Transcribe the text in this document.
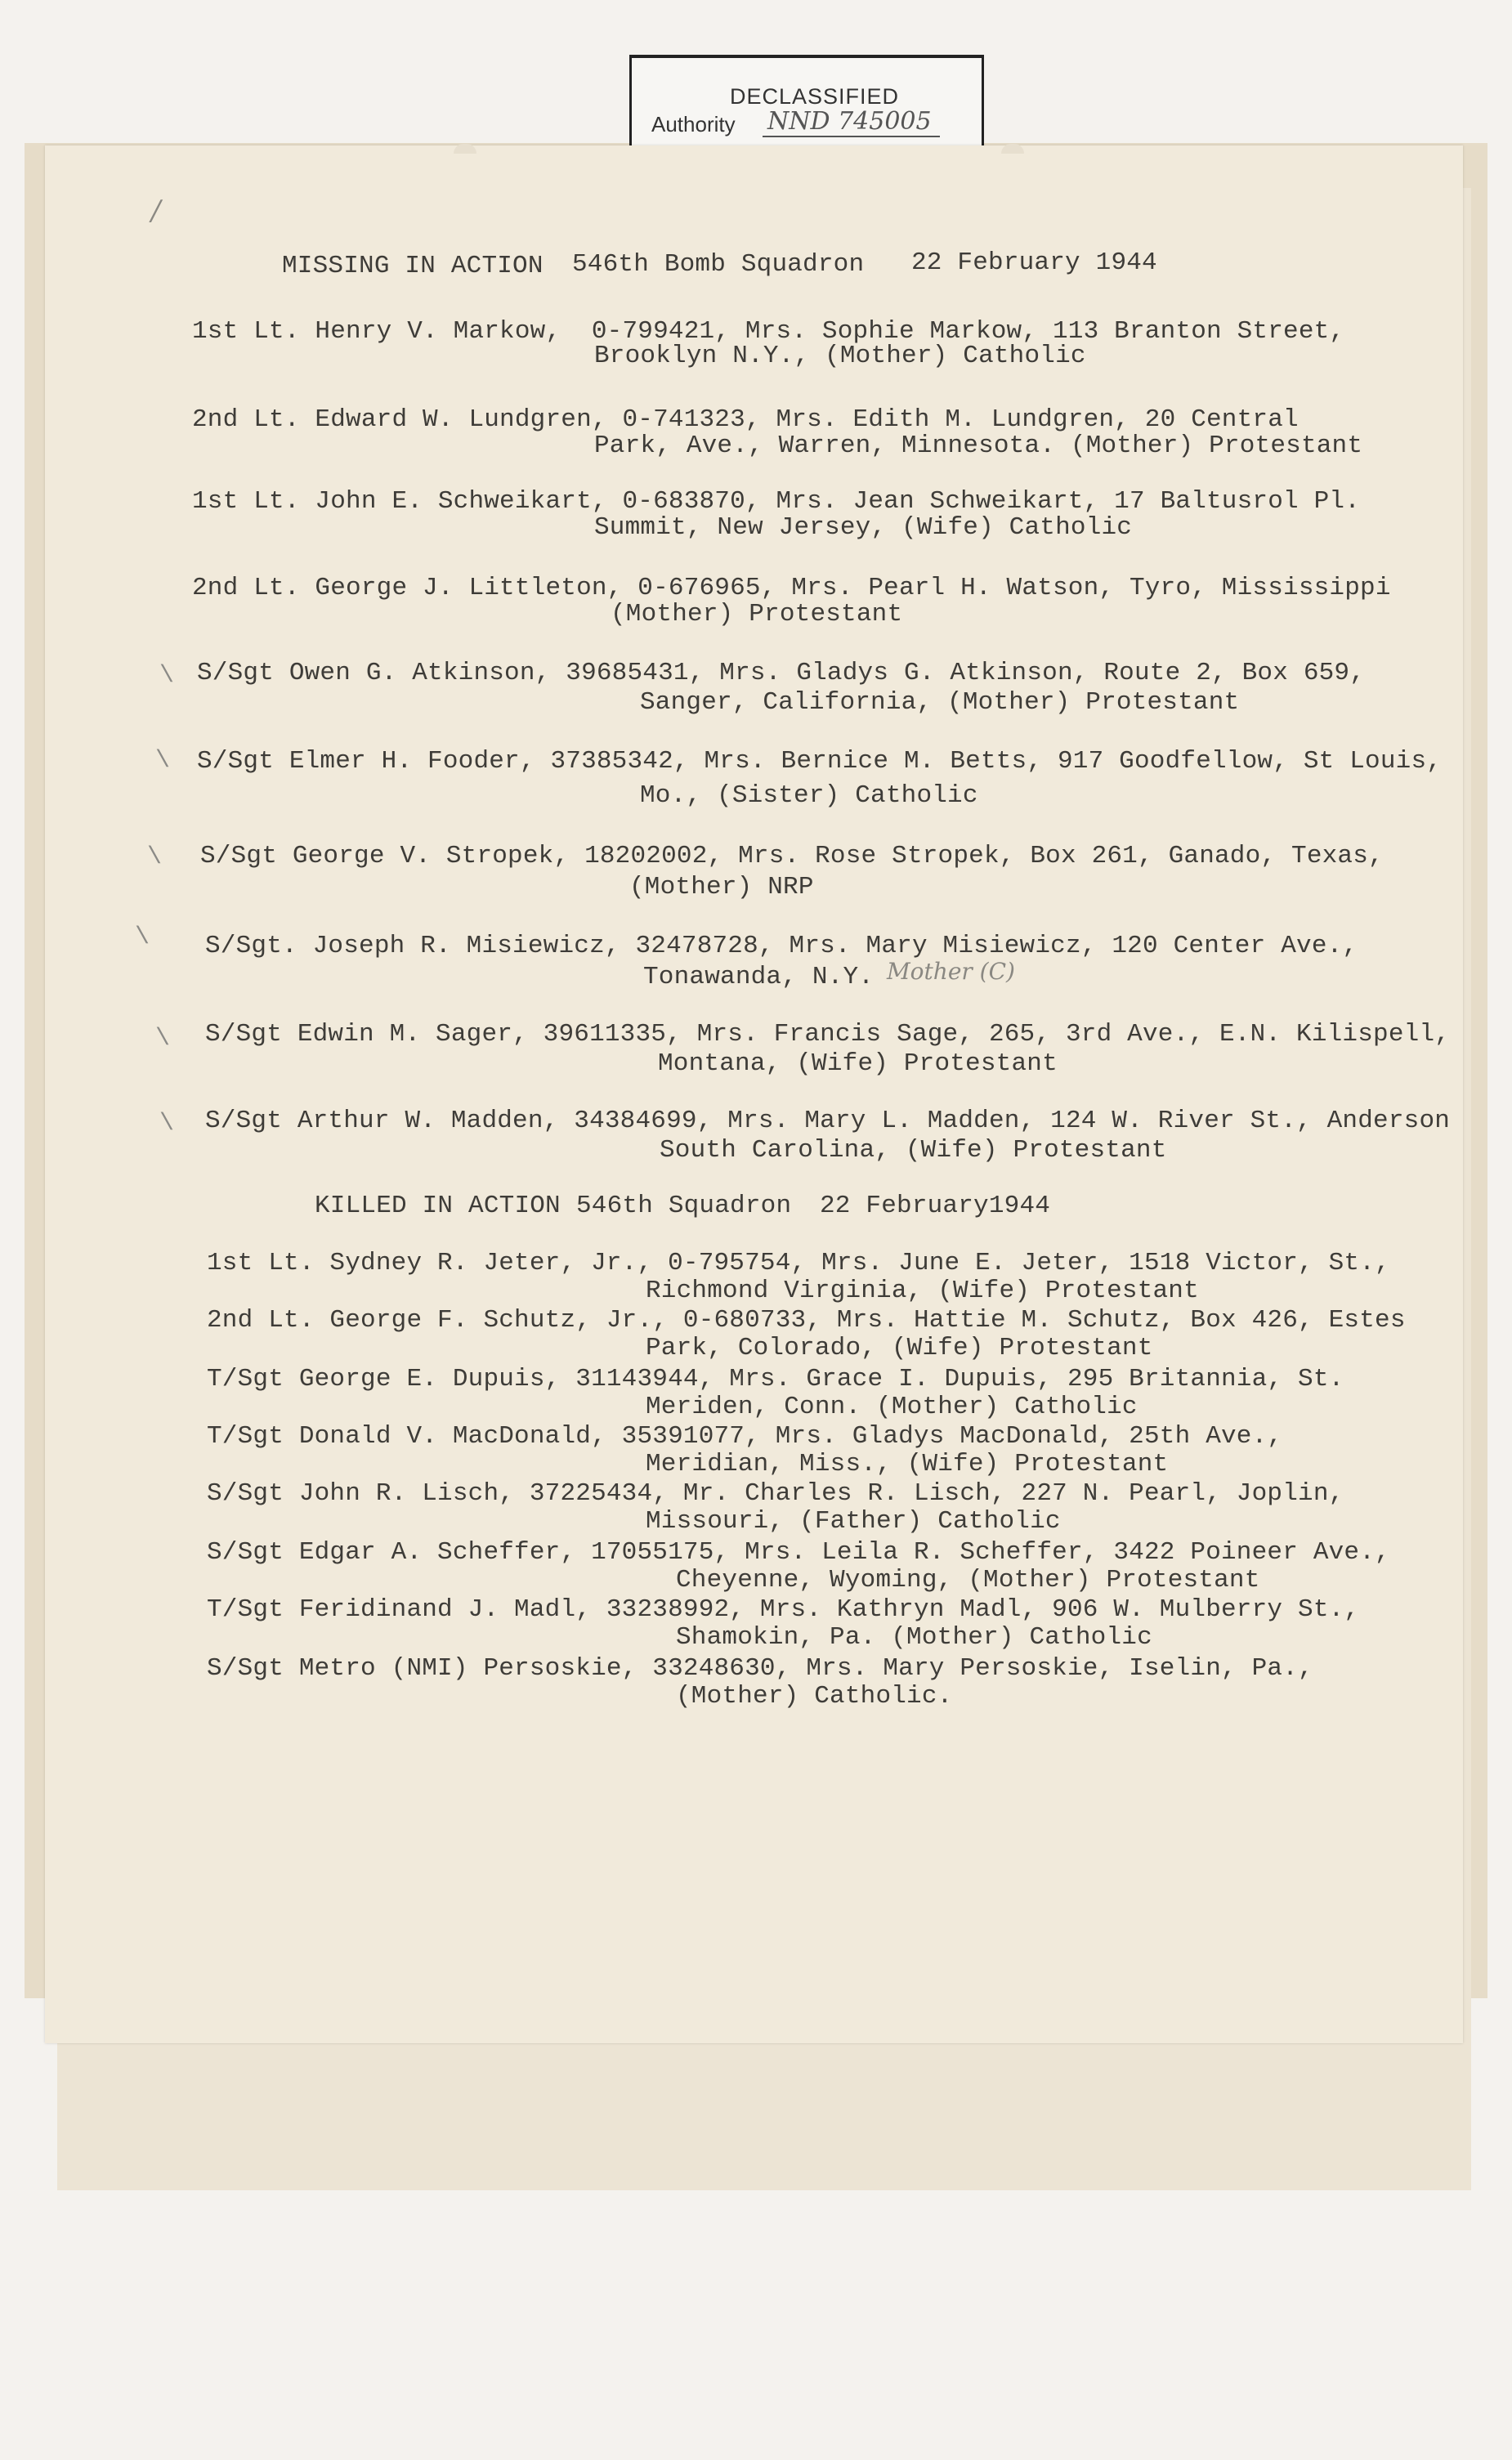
DECLASSIFIED
Authority NND 745005
/
MISSING IN ACTION 546th Bomb Squadron 22 February 1944
1st Lt. Henry V. Markow,  0-799421, Mrs. Sophie Markow, 113 Branton Street,
Brooklyn N.Y., (Mother) Catholic
2nd Lt. Edward W. Lundgren, 0-741323, Mrs. Edith M. Lundgren, 20 Central
Park, Ave., Warren, Minnesota. (Mother) Protestant
1st Lt. John E. Schweikart, 0-683870, Mrs. Jean Schweikart, 17 Baltusrol Pl.
Summit, New Jersey, (Wife) Catholic
2nd Lt. George J. Littleton, 0-676965, Mrs. Pearl H. Watson, Tyro, Mississippi
(Mother) Protestant
\ S/Sgt Owen G. Atkinson, 39685431, Mrs. Gladys G. Atkinson, Route 2, Box 659,
Sanger, California, (Mother) Protestant
\ S/Sgt Elmer H. Fooder, 37385342, Mrs. Bernice M. Betts, 917 Goodfellow, St Louis,
Mo., (Sister) Catholic
\ S/Sgt George V. Stropek, 18202002, Mrs. Rose Stropek, Box 261, Ganado, Texas,
(Mother) NRP
\ S/Sgt. Joseph R. Misiewicz, 32478728, Mrs. Mary Misiewicz, 120 Center Ave.,
Tonawanda, N.Y. Mother (C)
\ S/Sgt Edwin M. Sager, 39611335, Mrs. Francis Sage, 265, 3rd Ave., E.N. Kilispell,
Montana, (Wife) Protestant
\ S/Sgt Arthur W. Madden, 34384699, Mrs. Mary L. Madden, 124 W. River St., Anderson
South Carolina, (Wife) Protestant
KILLED IN ACTION 546th Squadron 22 February1944
1st Lt. Sydney R. Jeter, Jr., 0-795754, Mrs. June E. Jeter, 1518 Victor, St.,
Richmond Virginia, (Wife) Protestant
2nd Lt. George F. Schutz, Jr., 0-680733, Mrs. Hattie M. Schutz, Box 426, Estes
Park, Colorado, (Wife) Protestant
T/Sgt George E. Dupuis, 31143944, Mrs. Grace I. Dupuis, 295 Britannia, St.
Meriden, Conn. (Mother) Catholic
T/Sgt Donald V. MacDonald, 35391077, Mrs. Gladys MacDonald, 25th Ave.,
Meridian, Miss., (Wife) Protestant
S/Sgt John R. Lisch, 37225434, Mr. Charles R. Lisch, 227 N. Pearl, Joplin,
Missouri, (Father) Catholic
S/Sgt Edgar A. Scheffer, 17055175, Mrs. Leila R. Scheffer, 3422 Poineer Ave.,
Cheyenne, Wyoming, (Mother) Protestant
T/Sgt Feridinand J. Madl, 33238992, Mrs. Kathryn Madl, 906 W. Mulberry St.,
Shamokin, Pa. (Mother) Catholic
S/Sgt Metro (NMI) Persoskie, 33248630, Mrs. Mary Persoskie, Iselin, Pa.,
(Mother) Catholic.
